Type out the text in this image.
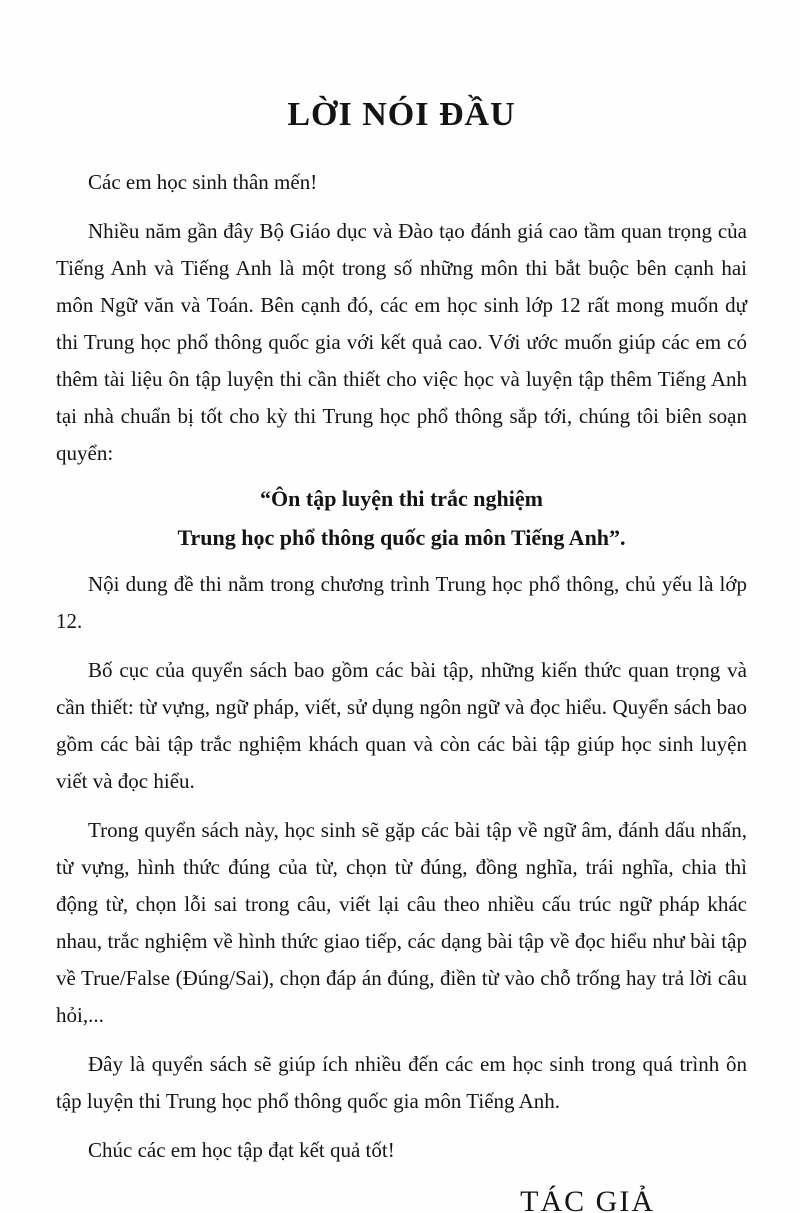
LỜI NÓI ĐẦU

Các em học sinh thân mến!

Nhiều năm gần đây Bộ Giáo dục và Đào tạo đánh giá cao tầm quan trọng của Tiếng Anh và Tiếng Anh là một trong số những môn thi bắt buộc bên cạnh hai môn Ngữ văn và Toán. Bên cạnh đó, các em học sinh lớp 12 rất mong muốn dự thi Trung học phổ thông quốc gia với kết quả cao. Với ước muốn giúp các em có thêm tài liệu ôn tập luyện thi cần thiết cho việc học và luyện tập thêm Tiếng Anh tại nhà chuẩn bị tốt cho kỳ thi Trung học phổ thông sắp tới, chúng tôi biên soạn quyển:

“Ôn tập luyện thi trắc nghiệm

Trung học phổ thông quốc gia môn Tiếng Anh”.

Nội dung đề thi nằm trong chương trình Trung học phổ thông, chủ yếu là lớp 12.

Bố cục của quyển sách bao gồm các bài tập, những kiến thức quan trọng và cần thiết: từ vựng, ngữ pháp, viết, sử dụng ngôn ngữ và đọc hiểu. Quyển sách bao gồm các bài tập trắc nghiệm khách quan và còn các bài tập giúp học sinh luyện viết và đọc hiểu.

Trong quyển sách này, học sinh sẽ gặp các bài tập về ngữ âm, đánh dấu nhấn, từ vựng, hình thức đúng của từ, chọn từ đúng, đồng nghĩa, trái nghĩa, chia thì động từ, chọn lỗi sai trong câu, viết lại câu theo nhiều cấu trúc ngữ pháp khác nhau, trắc nghiệm về hình thức giao tiếp, các dạng bài tập về đọc hiểu như bài tập về True/False (Đúng/Sai), chọn đáp án đúng, điền từ vào chỗ trống hay trả lời câu hỏi,...

Đây là quyển sách sẽ giúp ích nhiều đến các em học sinh trong quá trình ôn tập luyện thi Trung học phổ thông quốc gia môn Tiếng Anh.

Chúc các em học tập đạt kết quả tốt!

TÁC GIẢ
